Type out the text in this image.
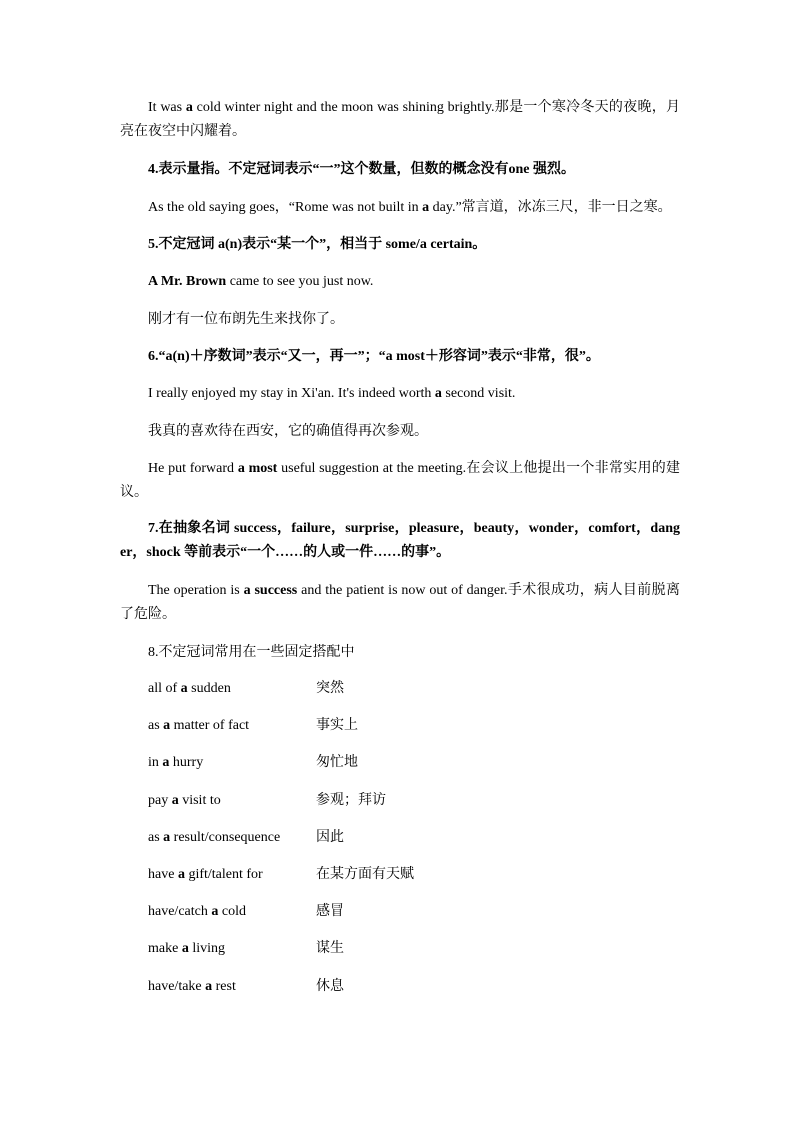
It was a cold winter night and the moon was shining brightly.那是一个寒冷冬天的夜晚，月亮在夜空中闪耀着。

4.表示量指。不定冠词表示“一”这个数量，但数的概念没有one 强烈。

As the old saying goes，“Rome was not built in a day.”常言道，冰冻三尺，非一日之寒。

5.不定冠词 a(n)表示“某一个”，相当于 some/a certain。

A Mr. Brown came to see you just now.

刚才有一位布朗先生来找你了。

6.“a(n)＋序数词”表示“又一，再一”；“a most＋形容词”表示“非常，很”。

I really enjoyed my stay in Xi'an. It's indeed worth a second visit.

我真的喜欢待在西安，它的确值得再次参观。

He put forward a most useful suggestion at the meeting.在会议上他提出一个非常实用的建议。

7.在抽象名词 success，failure，surprise，pleasure，beauty，wonder，comfort，danger，shock 等前表示“一个……的人或一件……的事”。

The operation is a success and the patient is now out of danger.手术很成功，病人目前脱离了危险。

8.不定冠词常用在一些固定搭配中

all of a sudden	突然
as a matter of fact	事实上
in a hurry	匆忙地
pay a visit to	参观；拜访
as a result/consequence	因此
have a gift/talent for	在某方面有天赋
have/catch a cold	感冒
make a living	谋生
have/take a rest	休息
